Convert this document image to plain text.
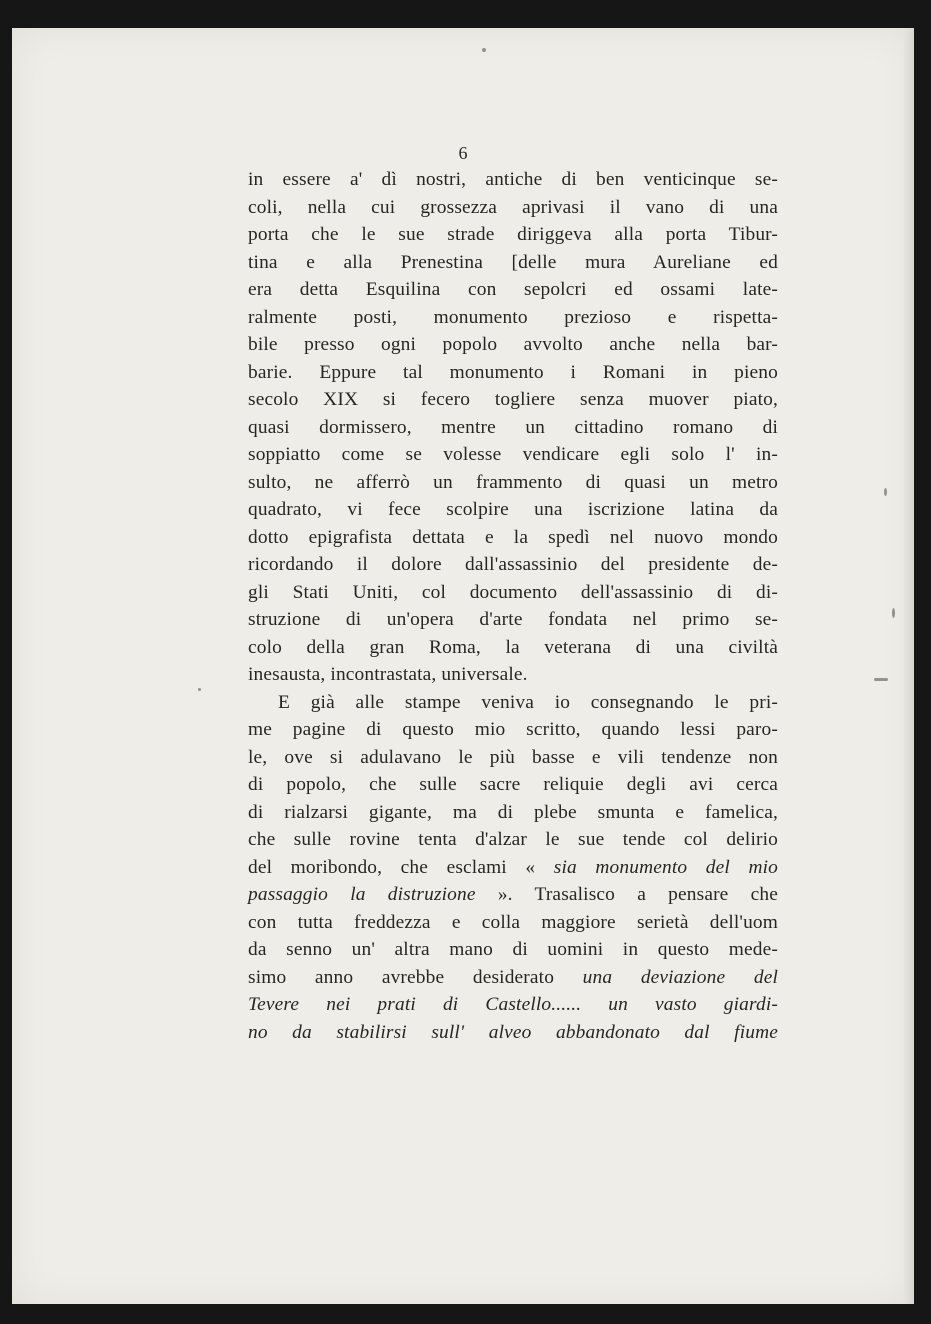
6

in essere a' dì nostri, antiche di ben venticinque se-
coli, nella cui grossezza aprivasi il vano di una
porta che le sue strade diriggeva alla porta Tibur-
tina e alla Prenestina [delle mura Aureliane ed
era detta Esquilina con sepolcri ed ossami late-
ralmente posti, monumento prezioso e rispetta-
bile presso ogni popolo avvolto anche nella bar-
barie. Eppure tal monumento i Romani in pieno
secolo XIX si fecero togliere senza muover piato,
quasi dormissero, mentre un cittadino romano di
soppiatto come se volesse vendicare egli solo l' in-
sulto, ne afferrò un frammento di quasi un metro
quadrato, vi fece scolpire una iscrizione latina da
dotto epigrafista dettata e la spedì nel nuovo mondo
ricordando il dolore dall'assassinio del presidente de-
gli Stati Uniti, col documento dell'assassinio di di-
struzione di un'opera d'arte fondata nel primo se-
colo della gran Roma, la veterana di una civiltà
inesausta, incontrastata, universale.
E già alle stampe veniva io consegnando le pri-
me pagine di questo mio scritto, quando lessi paro-
le, ove si adulavano le più basse e vili tendenze non
di popolo, che sulle sacre reliquie degli avi cerca
di rialzarsi gigante, ma di plebe smunta e famelica,
che sulle rovine tenta d'alzar le sue tende col delirio
del moribondo, che esclami « sia monumento del mio
passaggio la distruzione ». Trasalisco a pensare che
con tutta freddezza e colla maggiore serietà dell'uom
da senno un' altra mano di uomini in questo mede-
simo anno avrebbe desiderato una deviazione del
Tevere nei prati di Castello...... un vasto giardi-
no da stabilirsi sull' alveo abbandonato dal fiume
